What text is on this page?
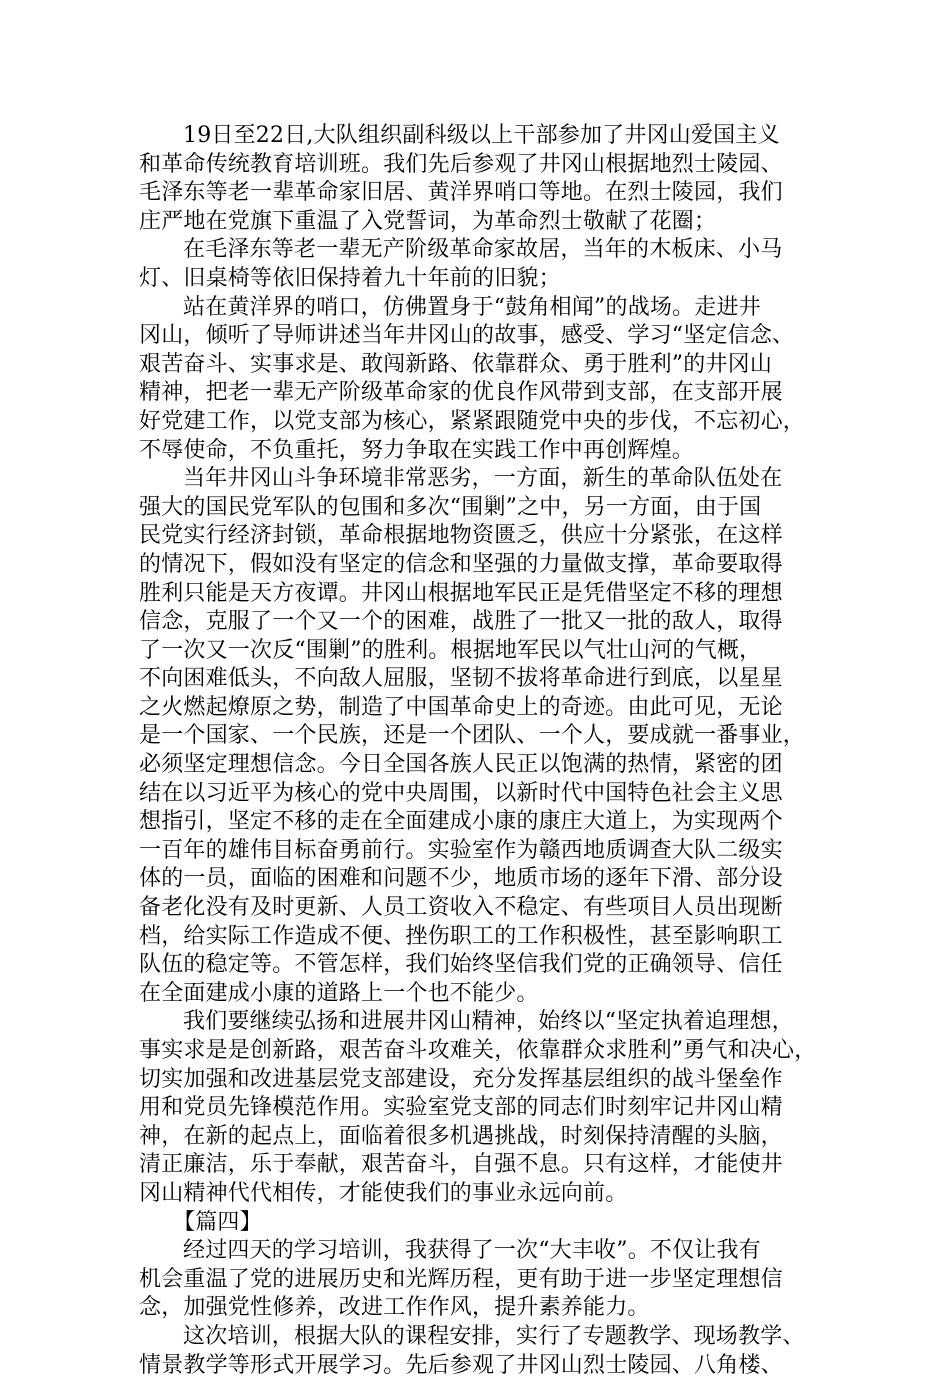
19日至22日,大队组织副科级以上干部参加了井冈山爱国主义
和革命传统教育培训班。我们先后参观了井冈山根据地烈士陵园、
毛泽东等老一辈革命家旧居、黄洋界哨口等地。在烈士陵园，我们
庄严地在党旗下重温了入党誓词，为革命烈士敬献了花圈；
在毛泽东等老一辈无产阶级革命家故居，当年的木板床、小马
灯、旧桌椅等依旧保持着九十年前的旧貌；
站在黄洋界的哨口，仿佛置身于“鼓角相闻”的战场。走进井
冈山，倾听了导师讲述当年井冈山的故事，感受、学习“坚定信念、
艰苦奋斗、实事求是、敢闯新路、依靠群众、勇于胜利”的井冈山
精神，把老一辈无产阶级革命家的优良作风带到支部，在支部开展
好党建工作，以党支部为核心，紧紧跟随党中央的步伐，不忘初心，
不辱使命，不负重托，努力争取在实践工作中再创辉煌。
当年井冈山斗争环境非常恶劣，一方面，新生的革命队伍处在
强大的国民党军队的包围和多次“围剿”之中，另一方面，由于国
民党实行经济封锁，革命根据地物资匮乏，供应十分紧张，在这样
的情况下，假如没有坚定的信念和坚强的力量做支撑，革命要取得
胜利只能是天方夜谭。井冈山根据地军民正是凭借坚定不移的理想
信念，克服了一个又一个的困难，战胜了一批又一批的敌人，取得
了一次又一次反“围剿”的胜利。根据地军民以气壮山河的气概，
不向困难低头，不向敌人屈服，坚韧不拔将革命进行到底，以星星
之火燃起燎原之势，制造了中国革命史上的奇迹。由此可见，无论
是一个国家、一个民族，还是一个团队、一个人，要成就一番事业，
必须坚定理想信念。今日全国各族人民正以饱满的热情，紧密的团
结在以习近平为核心的党中央周围，以新时代中国特色社会主义思
想指引，坚定不移的走在全面建成小康的康庄大道上，为实现两个
一百年的雄伟目标奋勇前行。实验室作为赣西地质调查大队二级实
体的一员，面临的困难和问题不少，地质市场的逐年下滑、部分设
备老化没有及时更新、人员工资收入不稳定、有些项目人员出现断
档，给实际工作造成不便、挫伤职工的工作积极性，甚至影响职工
队伍的稳定等。不管怎样，我们始终坚信我们党的正确领导、信任
在全面建成小康的道路上一个也不能少。
我们要继续弘扬和进展井冈山精神，始终以“坚定执着追理想，
事实求是是创新路，艰苦奋斗攻难关，依靠群众求胜利”勇气和决心，
切实加强和改进基层党支部建设，充分发挥基层组织的战斗堡垒作
用和党员先锋模范作用。实验室党支部的同志们时刻牢记井冈山精
神，在新的起点上，面临着很多机遇挑战，时刻保持清醒的头脑，
清正廉洁，乐于奉献，艰苦奋斗，自强不息。只有这样，才能使井
冈山精神代代相传，才能使我们的事业永远向前。
【篇四】
经过四天的学习培训，我获得了一次“大丰收”。不仅让我有
机会重温了党的进展历史和光辉历程，更有助于进一步坚定理想信
念，加强党性修养，改进工作作风，提升素养能力。
这次培训，根据大队的课程安排，实行了专题教学、现场教学、
情景教学等形式开展学习。先后参观了井冈山烈士陵园、八角楼、
